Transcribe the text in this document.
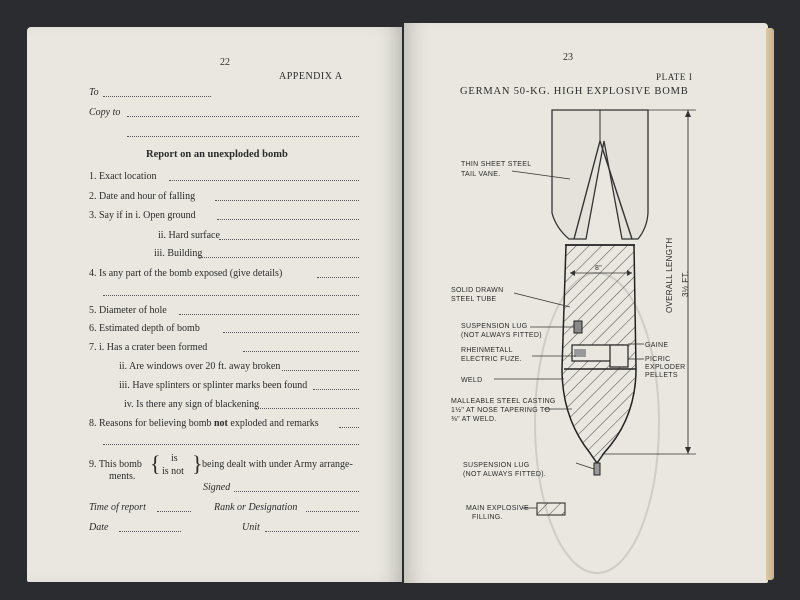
22
APPENDIX A
To
Copy to
Report on an unexploded bomb
1. Exact location
2. Date and hour of falling
3. Say if in i. Open ground
ii. Hard surface
iii. Building
4. Is any part of the bomb exposed (give details)
5. Diameter of hole
6. Estimated depth of bomb
7. i. Has a crater been formed
ii. Are windows over 20 ft. away broken
iii. Have splinters or splinter marks been found
iv. Is there any sign of blackening
8. Reasons for believing bomb not exploded and remarks
9. This bomb
ments.
{ is
is not } being dealt with under Army arrange-
Signed
Time of report	Rank or Designation
Date	Unit
23
PLATE I
GERMAN 50-KG. HIGH EXPLOSIVE BOMB
THIN SHEET STEEL
TAIL VANE.
SOLID DRAWN
STEEL TUBE
SUSPENSION LUG
(NOT ALWAYS FITTED)
RHEINMETALL
ELECTRIC FUZE.
GAINE
PICRIC
EXPLODER
PELLETS
WELD
MALLEABLE STEEL CASTING
1½" AT NOSE TAPERING TO
⅜" AT WELD.
SUSPENSION LUG
(NOT ALWAYS FITTED).
8"	OVERALL LENGTH 3½ FT.
MAIN EXPLOSIVE
FILLING.
